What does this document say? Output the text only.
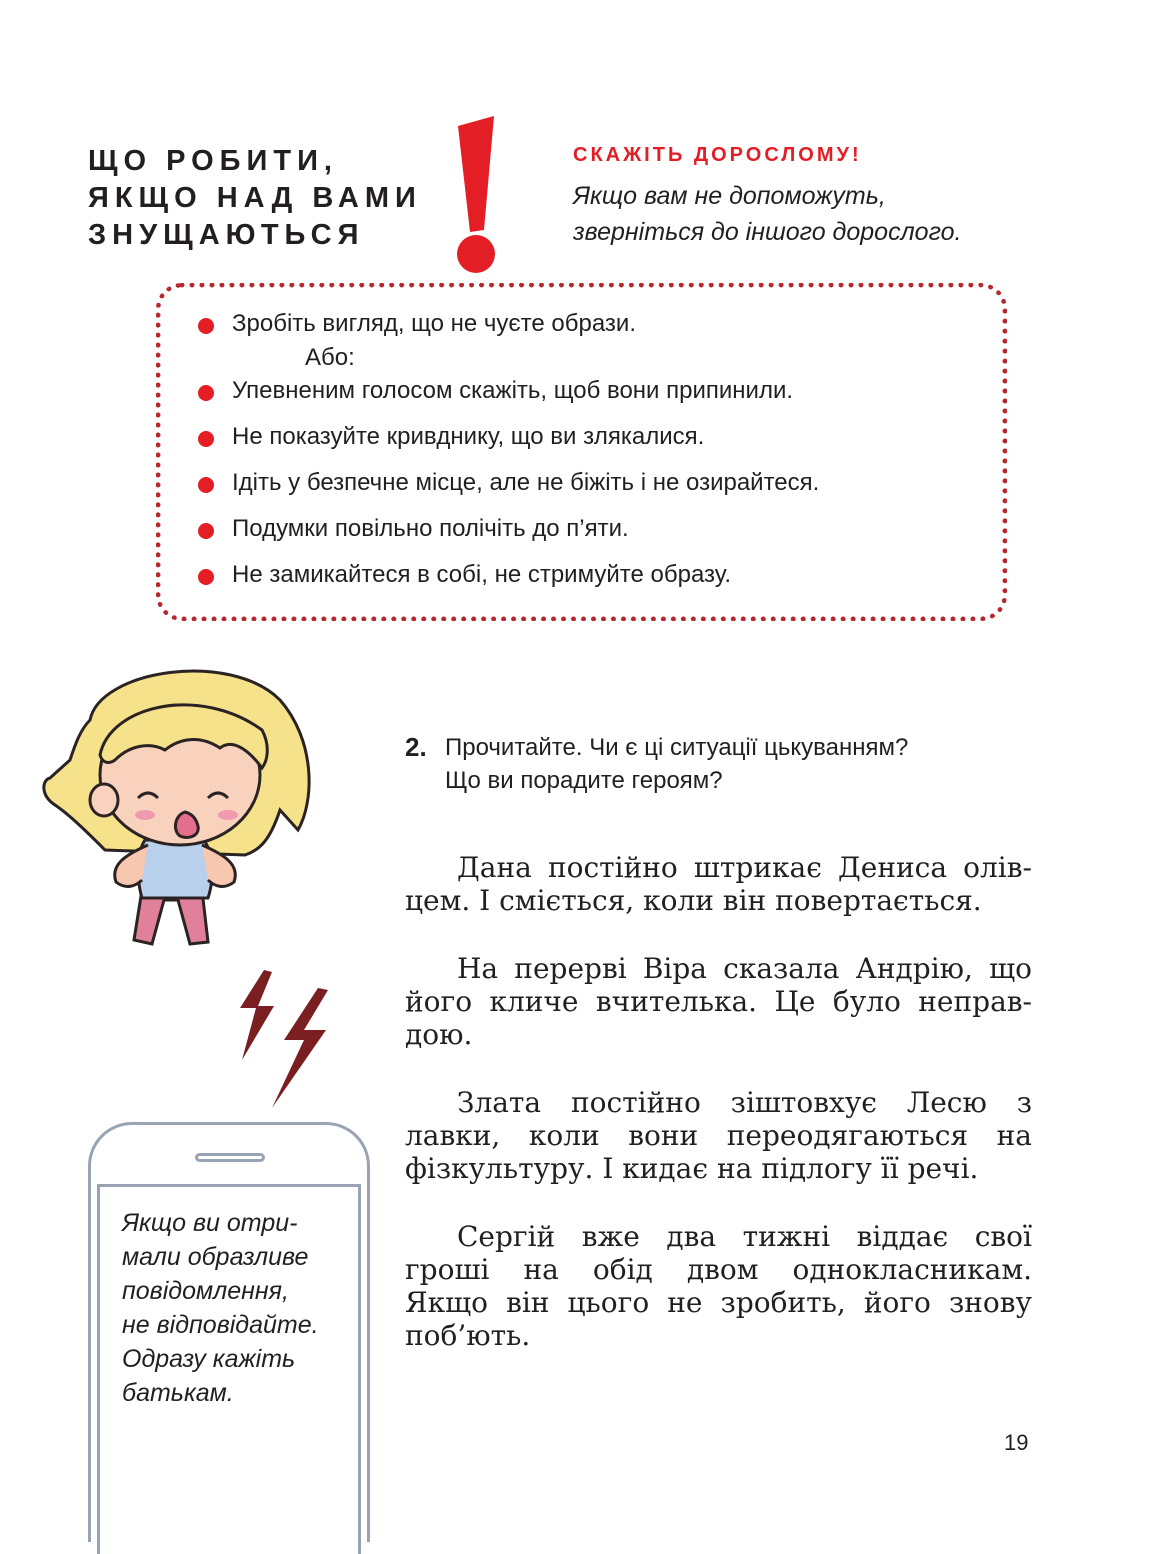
ЩО РОБИТИ,
ЯКЩО НАД ВАМИ
ЗНУЩАЮТЬСЯ
СКАЖІТЬ ДОРОСЛОМУ!
Якщо вам не допоможуть,
зверніться до іншого дорослого.
Зробіть вигляд, що не чуєте образи.
Або:
Упевненим голосом скажіть, щоб вони припинили.
Не показуйте кривднику, що ви злякалися.
Ідіть у безпечне місце, але не біжіть і не озирайтеся.
Подумки повільно полічіть до п’яти.
Не замикайтеся в собі, не стримуйте образу.
Якщо ви отри-
мали образливе
повідомлення,
не відповідайте.
Одразу кажіть
батькам.
2. Прочитайте. Чи є ці ситуації цькуванням?
Що ви порадите героям?
Дана постійно штрикає Дениса олів-
цем. І сміється, коли він повертається.
На перерві Віра сказала Андрію, що
його кличе вчителька. Це було неправ-
дою.
Злата постійно зіштовхує Лесю з
лавки, коли вони переодягаються на
фізкультуру. І кидає на підлогу її речі.
Сергій вже два тижні віддає свої
гроші на обід двом однокласникам.
Якщо він цього не зробить, його знову
поб’ють.
19
